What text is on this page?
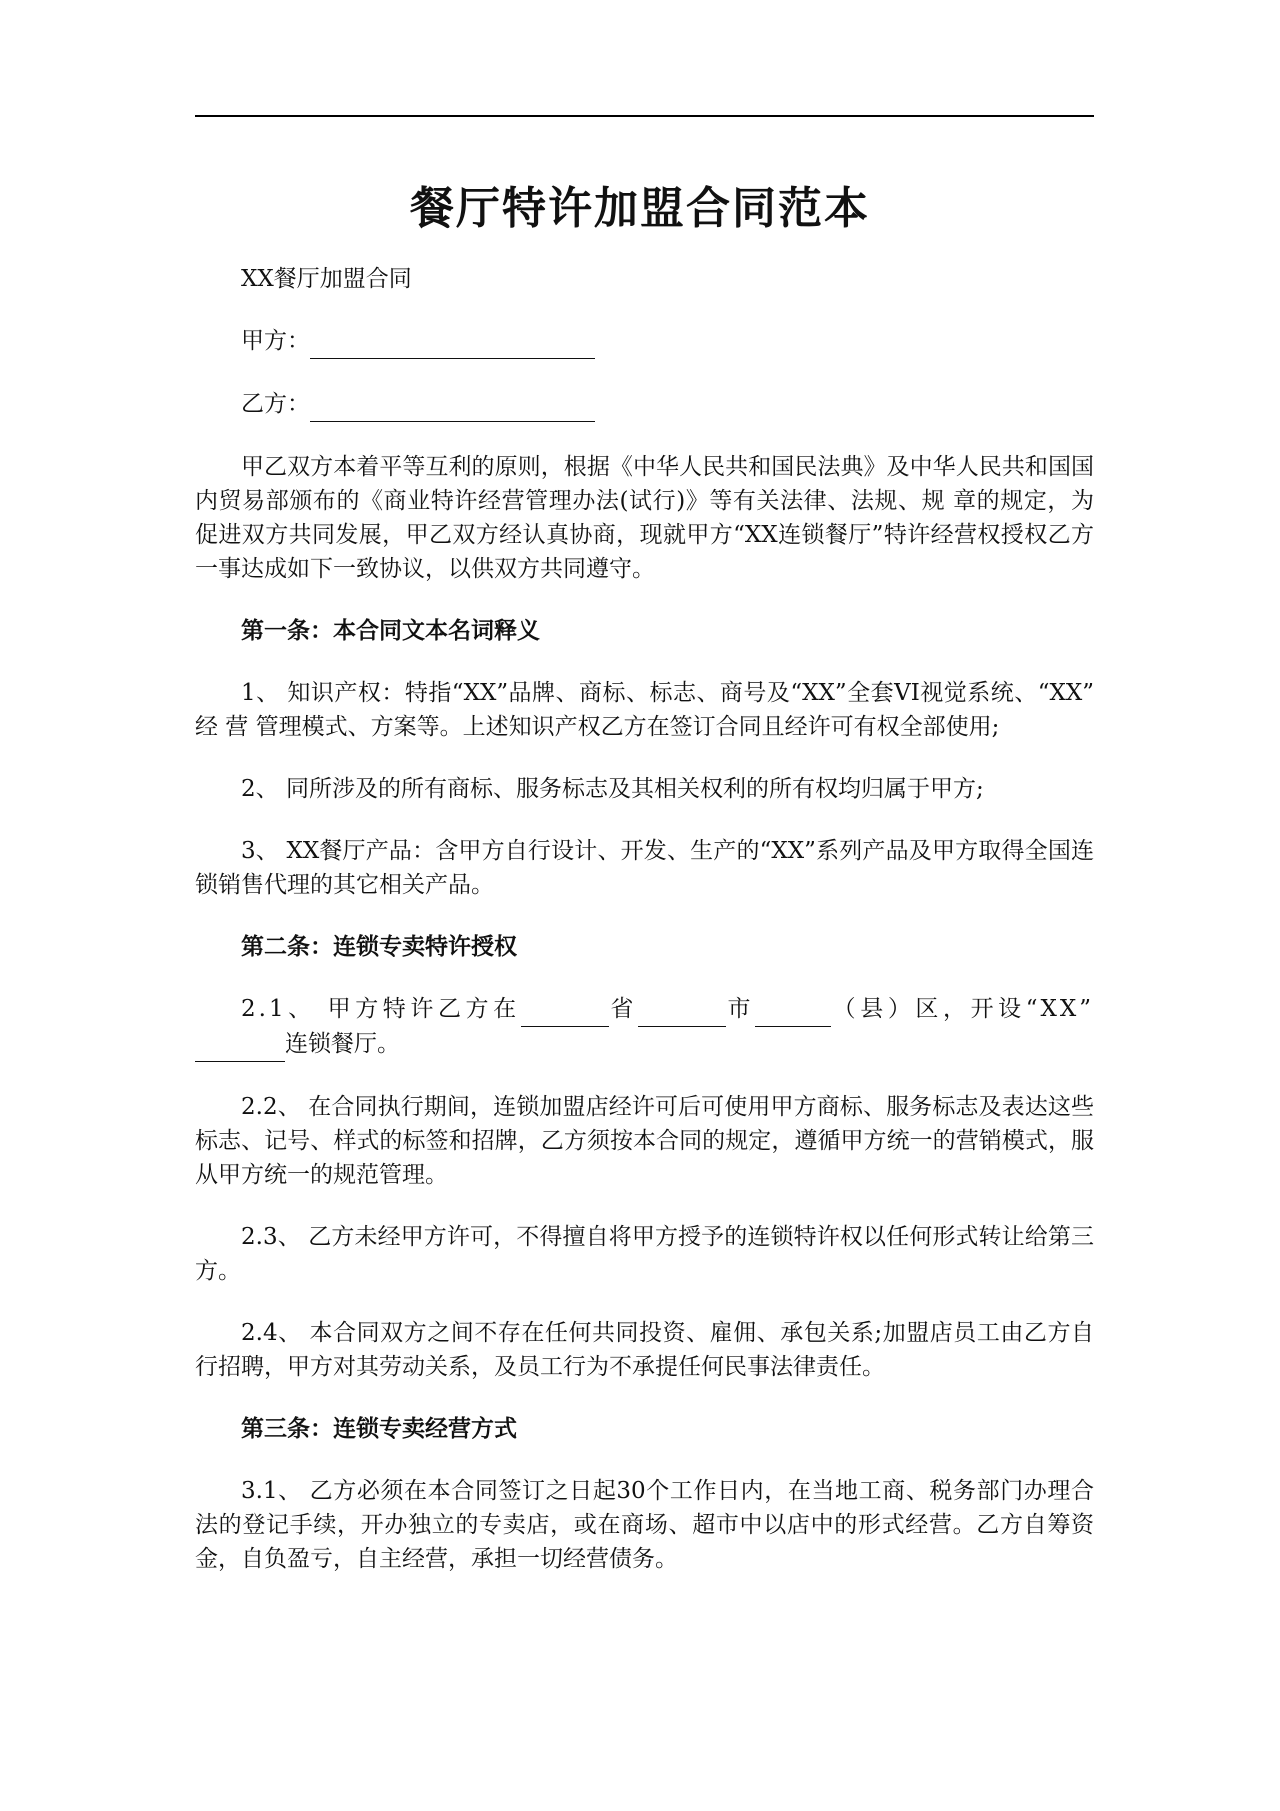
餐厅特许加盟合同范本

XX餐厅加盟合同

甲方：

乙方：

甲乙双方本着平等互利的原则，根据《中华人民共和国民法典》及中华人民共和国国内贸易部颁布的《商业特许经营管理办法(试行)》等有关法律、法规、规 章的规定，为促进双方共同发展，甲乙双方经认真协商，现就甲方“XX连锁餐厅”特许经营权授权乙方一事达成如下一致协议，以供双方共同遵守。

第一条：本合同文本名词释义

1、 知识产权：特指“XX”品牌、商标、标志、商号及“XX”全套VI视觉系统、“XX” 经 营 管理模式、方案等。上述知识产权乙方在签订合同且经许可有权全部使用;

2、 同所涉及的所有商标、服务标志及其相关权利的所有权均归属于甲方;

3、 XX餐厅产品：含甲方自行设计、开发、生产的“XX”系列产品及甲方取得全国连锁销售代理的其它相关产品。

第二条：连锁专卖特许授权

2.1、 甲方特许乙方在	省	市	（县）区，开设“XX” 连锁餐厅。

2.2、 在合同执行期间，连锁加盟店经许可后可使用甲方商标、服务标志及表达这些标志、记号、样式的标签和招牌，乙方须按本合同的规定，遵循甲方统一的营销模式，服从甲方统一的规范管理。

2.3、 乙方未经甲方许可，不得擅自将甲方授予的连锁特许权以任何形式转让给第三方。

2.4、 本合同双方之间不存在任何共同投资、雇佣、承包关系;加盟店员工由乙方自行招聘，甲方对其劳动关系，及员工行为不承提任何民事法律责任。

第三条：连锁专卖经营方式

3.1、 乙方必须在本合同签订之日起30个工作日内，在当地工商、税务部门办理合法的登记手续，开办独立的专卖店，或在商场、超市中以店中的形式经营。乙方自筹资金，自负盈亏，自主经营，承担一切经营债务。
